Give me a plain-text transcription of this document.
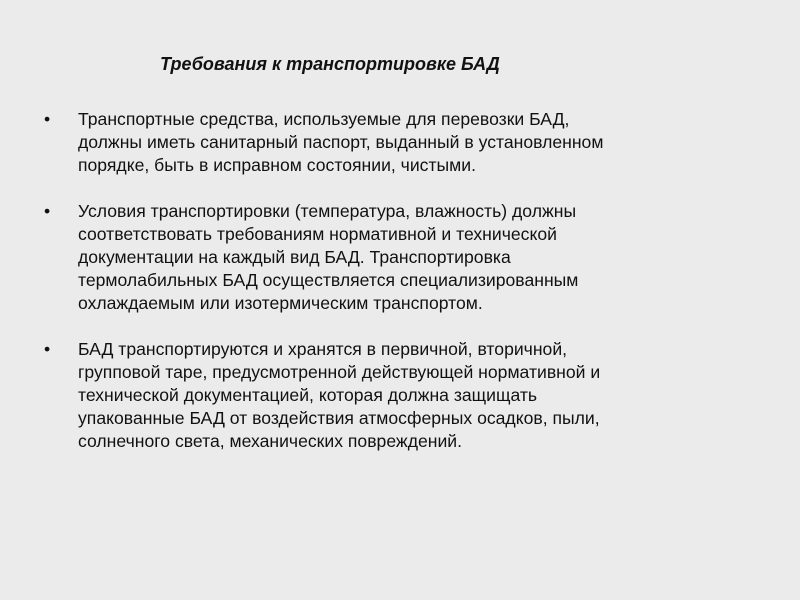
Требования к транспортировке БАД
• Транспортные средства, используемые для перевозки БАД,
должны иметь санитарный паспорт, выданный в установленном
порядке, быть в исправном состоянии, чистыми.
• Условия транспортировки (температура, влажность) должны
соответствовать требованиям нормативной и технической
документации на каждый вид БАД. Транспортировка
термолабильных БАД осуществляется специализированным
охлаждаемым или изотермическим транспортом.
• БАД транспортируются и хранятся в первичной, вторичной,
групповой таре, предусмотренной действующей нормативной и
технической документацией, которая должна защищать
упакованные БАД от воздействия атмосферных осадков, пыли,
солнечного света, механических повреждений.
